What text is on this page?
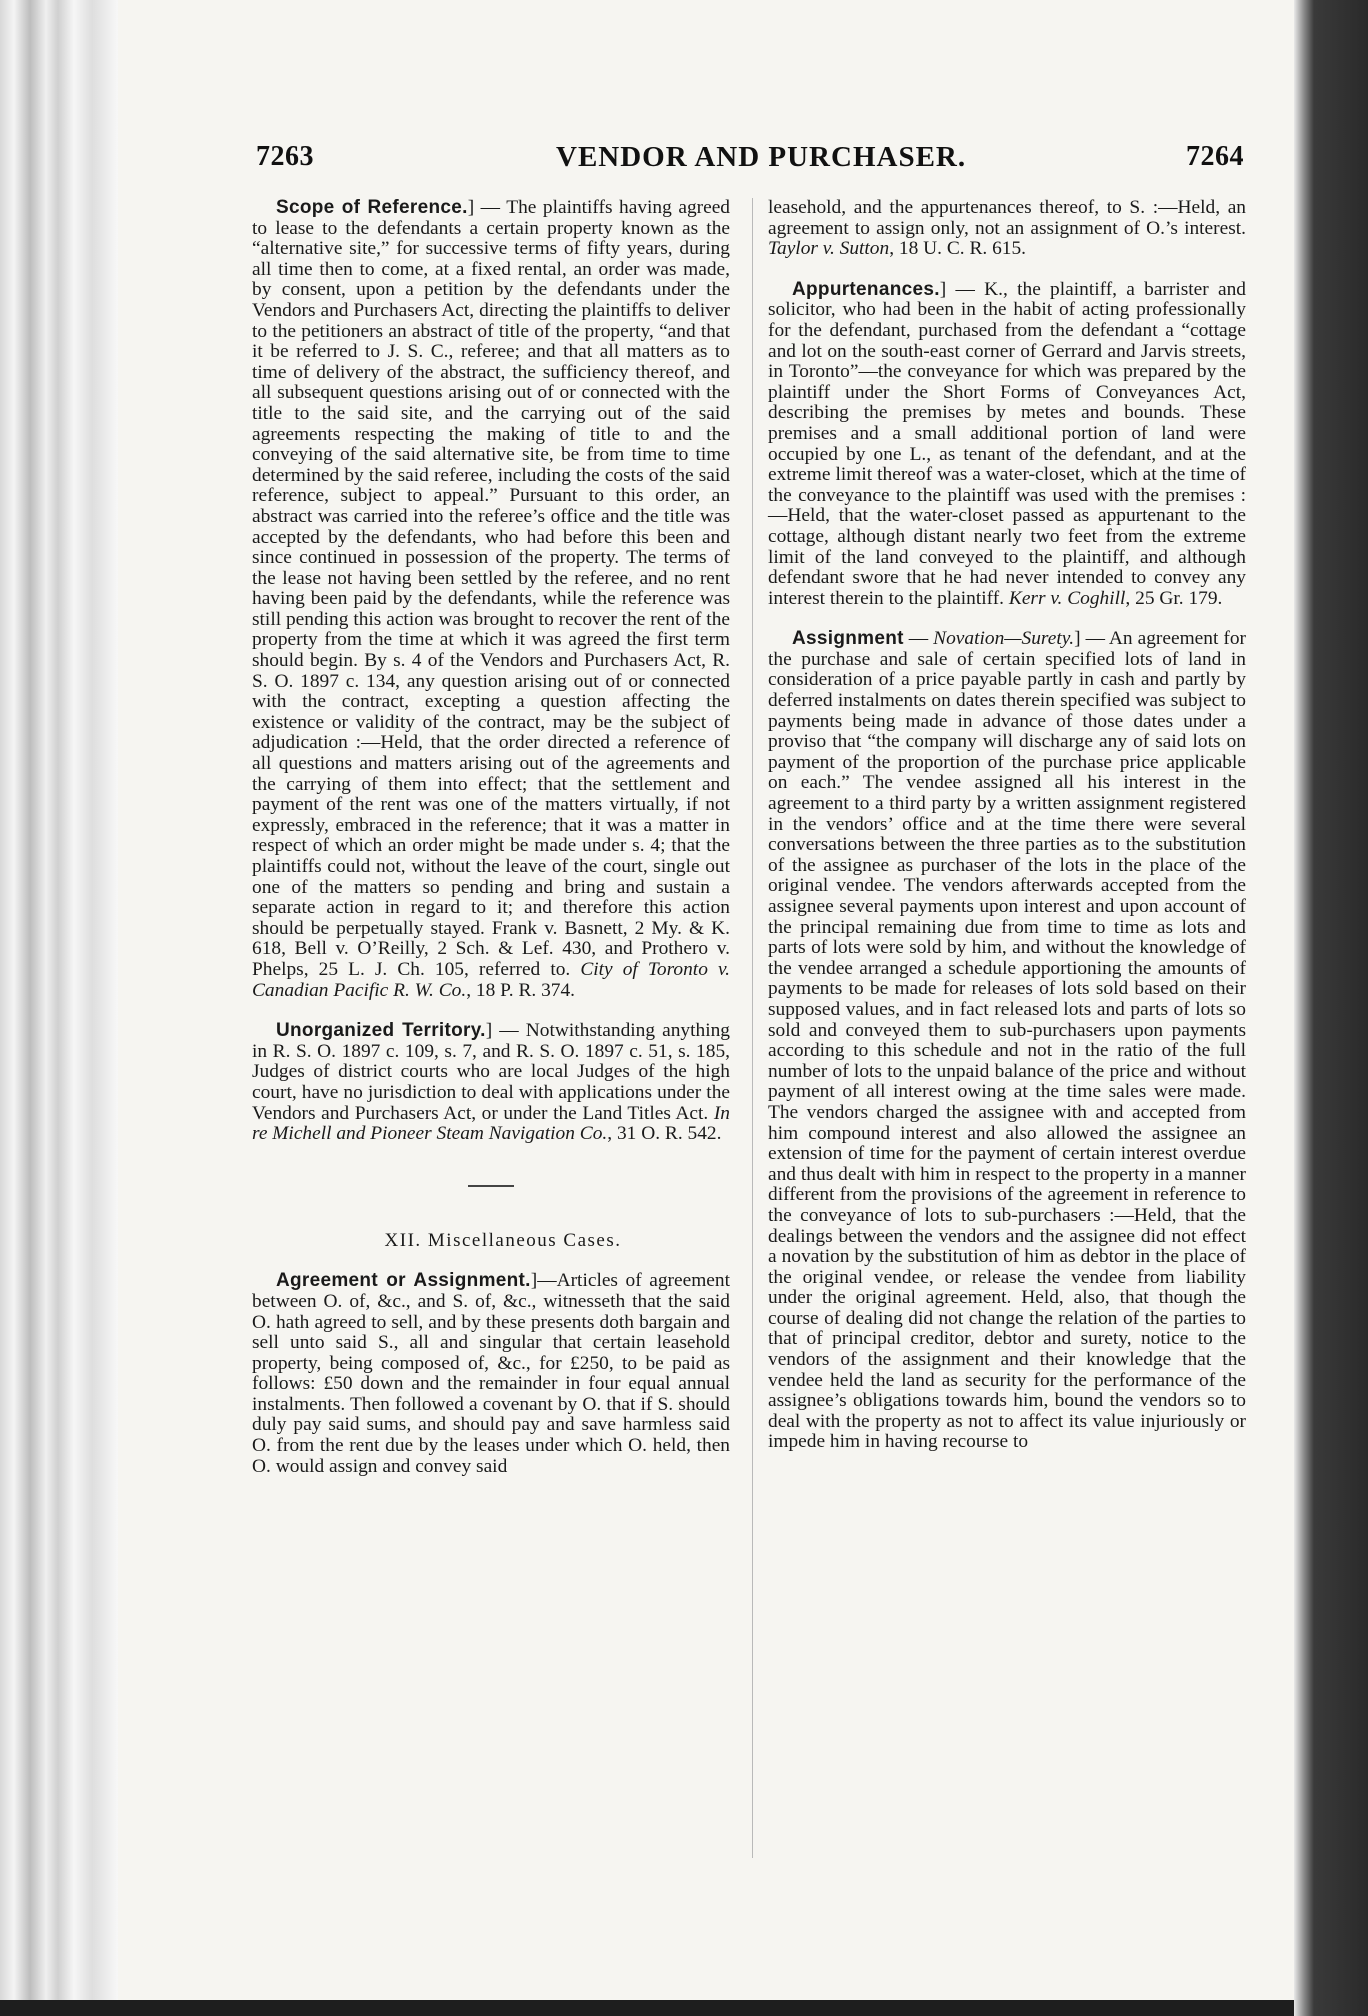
7263	VENDOR AND PURCHASER.	7264

Scope of Reference.] — The plaintiffs having agreed to lease to the defendants a certain property known as the “alternative site,” for successive terms of fifty years, during all time then to come, at a fixed rental, an order was made, by consent, upon a petition by the defendants under the Vendors and Purchasers Act, directing the plaintiffs to deliver to the petitioners an abstract of title of the property, “and that it be referred to J. S. C., referee; and that all matters as to time of delivery of the abstract, the sufficiency thereof, and all subsequent questions arising out of or connected with the title to the said site, and the carrying out of the said agreements respecting the making of title to and the conveying of the said alternative site, be from time to time determined by the said referee, including the costs of the said reference, subject to appeal.” Pursuant to this order, an abstract was carried into the referee’s office and the title was accepted by the defendants, who had before this been and since continued in possession of the property. The terms of the lease not having been settled by the referee, and no rent having been paid by the defendants, while the reference was still pending this action was brought to recover the rent of the property from the time at which it was agreed the first term should begin. By s. 4 of the Vendors and Purchasers Act, R. S. O. 1897 c. 134, any question arising out of or connected with the contract, excepting a question affecting the existence or validity of the contract, may be the subject of adjudication :—Held, that the order directed a reference of all questions and matters arising out of the agreements and the carrying of them into effect; that the settlement and payment of the rent was one of the matters virtually, if not expressly, embraced in the reference; that it was a matter in respect of which an order might be made under s. 4; that the plaintiffs could not, without the leave of the court, single out one of the matters so pending and bring and sustain a separate action in regard to it; and therefore this action should be perpetually stayed. Frank v. Basnett, 2 My. & K. 618, Bell v. O’Reilly, 2 Sch. & Lef. 430, and Prothero v. Phelps, 25 L. J. Ch. 105, referred to. City of Toronto v. Canadian Pacific R. W. Co., 18 P. R. 374.

Unorganized Territory.] — Notwithstanding anything in R. S. O. 1897 c. 109, s. 7, and R. S. O. 1897 c. 51, s. 185, Judges of district courts who are local Judges of the high court, have no jurisdiction to deal with applications under the Vendors and Purchasers Act, or under the Land Titles Act. In re Michell and Pioneer Steam Navigation Co., 31 O. R. 542.

XII. Miscellaneous Cases.

Agreement or Assignment.]—Articles of agreement between O. of, &c., and S. of, &c., witnesseth that the said O. hath agreed to sell, and by these presents doth bargain and sell unto said S., all and singular that certain leasehold property, being composed of, &c., for £250, to be paid as follows: £50 down and the remainder in four equal annual instalments. Then followed a covenant by O. that if S. should duly pay said sums, and should pay and save harmless said O. from the rent due by the leases under which O. held, then O. would assign and convey said

leasehold, and the appurtenances thereof, to S. :—Held, an agreement to assign only, not an assignment of O.’s interest. Taylor v. Sutton, 18 U. C. R. 615.

Appurtenances.] — K., the plaintiff, a barrister and solicitor, who had been in the habit of acting professionally for the defendant, purchased from the defendant a “cottage and lot on the south-east corner of Gerrard and Jarvis streets, in Toronto”—the conveyance for which was prepared by the plaintiff under the Short Forms of Conveyances Act, describing the premises by metes and bounds. These premises and a small additional portion of land were occupied by one L., as tenant of the defendant, and at the extreme limit thereof was a water-closet, which at the time of the conveyance to the plaintiff was used with the premises :—Held, that the water-closet passed as appurtenant to the cottage, although distant nearly two feet from the extreme limit of the land conveyed to the plaintiff, and although defendant swore that he had never intended to convey any interest therein to the plaintiff. Kerr v. Coghill, 25 Gr. 179.

Assignment — Novation—Surety.] — An agreement for the purchase and sale of certain specified lots of land in consideration of a price payable partly in cash and partly by deferred instalments on dates therein specified was subject to payments being made in advance of those dates under a proviso that “the company will discharge any of said lots on payment of the proportion of the purchase price applicable on each.” The vendee assigned all his interest in the agreement to a third party by a written assignment registered in the vendors’ office and at the time there were several conversations between the three parties as to the substitution of the assignee as purchaser of the lots in the place of the original vendee. The vendors afterwards accepted from the assignee several payments upon interest and upon account of the principal remaining due from time to time as lots and parts of lots were sold by him, and without the knowledge of the vendee arranged a schedule apportioning the amounts of payments to be made for releases of lots sold based on their supposed values, and in fact released lots and parts of lots so sold and conveyed them to sub-purchasers upon payments according to this schedule and not in the ratio of the full number of lots to the unpaid balance of the price and without payment of all interest owing at the time sales were made. The vendors charged the assignee with and accepted from him compound interest and also allowed the assignee an extension of time for the payment of certain interest overdue and thus dealt with him in respect to the property in a manner different from the provisions of the agreement in reference to the conveyance of lots to sub-purchasers :—Held, that the dealings between the vendors and the assignee did not effect a novation by the substitution of him as debtor in the place of the original vendee, or release the vendee from liability under the original agreement. Held, also, that though the course of dealing did not change the relation of the parties to that of principal creditor, debtor and surety, notice to the vendors of the assignment and their knowledge that the vendee held the land as security for the performance of the assignee’s obligations towards him, bound the vendors so to deal with the property as not to affect its value injuriously or impede him in having recourse to
